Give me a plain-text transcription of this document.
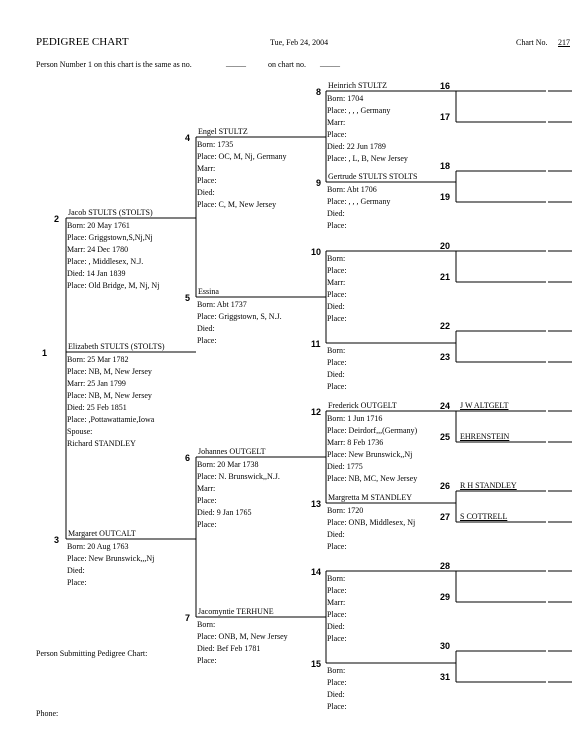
PEDIGREE CHART	Tue, Feb 24, 2004	Chart No. 217
Person Number 1 on this chart is the same as no.	_____	on chart no. _____
Person Submitting Pedigree Chart:
Phone:
1
Elizabeth STULTS (STOLTS)
Born: 25 Mar 1782
Place: NB, M, New Jersey
Marr: 25 Jan 1799
Place: NB, M, New Jersey
Died: 25 Feb 1851
Place: ,Pottawattamie,Iowa
Spouse:
Richard STANDLEY
2
Jacob STULTS (STOLTS)
Born: 20 May 1761
Place: Griggstown,S,Nj,Nj
Marr: 24 Dec 1780
Place: , Middlesex, N.J.
Died: 14 Jan 1839
Place: Old Bridge, M, Nj, Nj
3
Margaret OUTCALT
Born: 20 Aug 1763
Place: New Brunswick,,,Nj
Died:
Place:
4
Engel STULTZ
Born: 1735
Place: OC, M, Nj, Germany
Marr:
Place:
Died:
Place: C, M, New Jersey
5
Essina
Born: Abt 1737
Place: Griggstown, S, N.J.
Died:
Place:
6
Johannes OUTGELT
Born: 20 Mar 1738
Place: N. Brunswick,,N.J.
Marr:
Place:
Died: 9 Jan 1765
Place:
7
Jacomyntie TERHUNE
Born:
Place: ONB, M, New Jersey
Died: Bef Feb 1781
Place:
8
Heinrich STULTZ
Born: 1704
Place: , , , Germany
Marr:
Place:
Died: 22 Jun 1789
Place: , L, B, New Jersey
9
Gertrude STULTS STOLTS
Born: Abt 1706
Place: , , , Germany
Died:
Place:
10
Born:
Place:
Marr:
Place:
Died:
Place:
11
Born:
Place:
Died:
Place:
12
Frederick OUTGELT
Born: 1 Jun 1716
Place: Deirdorf,,,(Germany)
Marr: 8 Feb 1736
Place: New Brunswick,,Nj
Died: 1775
Place: NB, MC, New Jersey
13
Margretta M STANDLEY
Born: 1720
Place: ONB, Middlesex, Nj
Died:
Place:
14
Born:
Place:
Marr:
Place:
Died:
Place:
15
Born:
Place:
Died:
Place:
16
17
18
19
20
21
22
23
24 J W ALTGELT
25 EHRENSTEIN
26 R H STANDLEY
27 S COTTRELL
28
29
30
31
